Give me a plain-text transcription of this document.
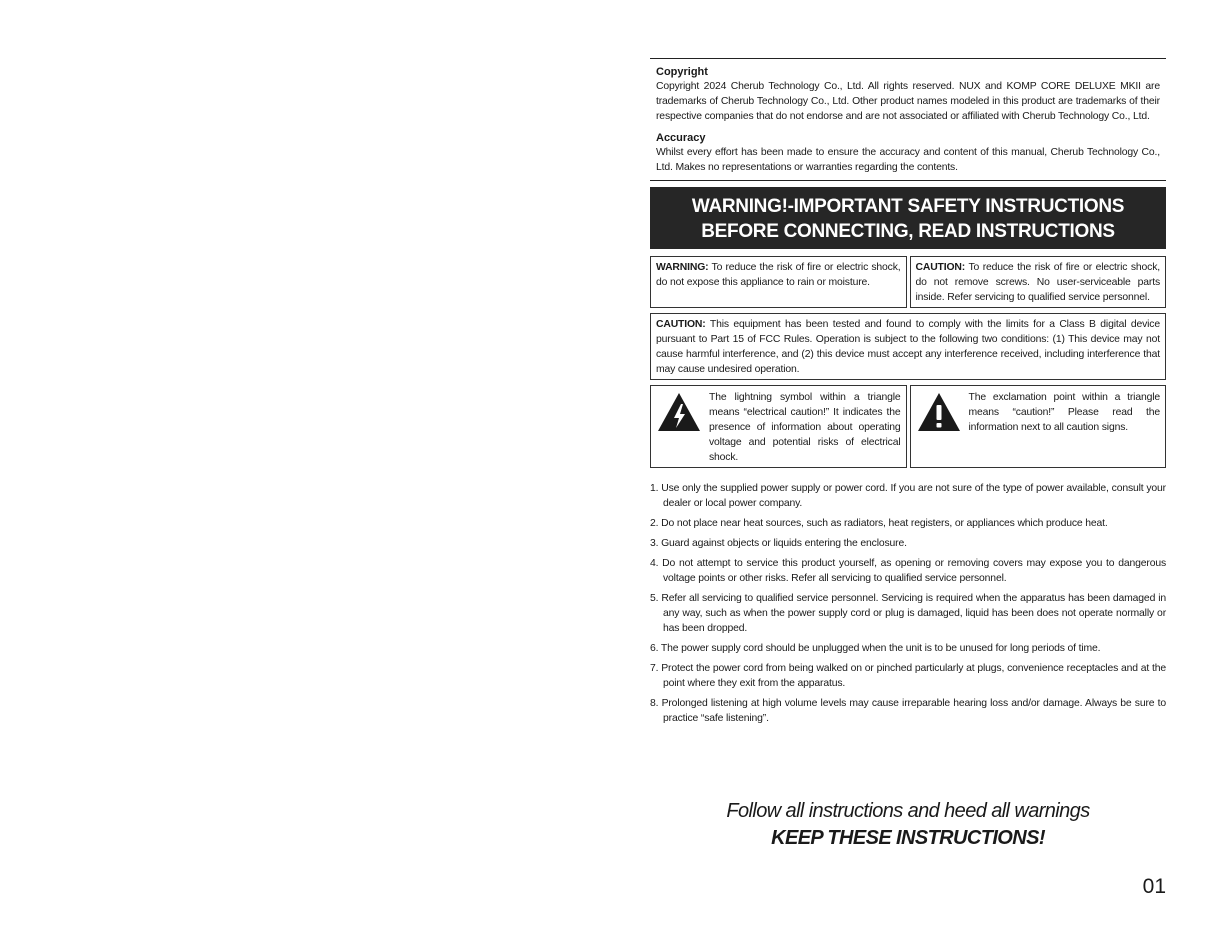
Copyright

Copyright 2024 Cherub Technology Co., Ltd. All rights reserved. NUX and KOMP CORE DELUXE MKII are trademarks of Cherub Technology Co., Ltd. Other product names modeled in this product are trademarks of their respective companies that do not endorse and are not associated or affiliated with Cherub Technology Co., Ltd.

Accuracy

Whilst every effort has been made to ensure the accuracy and content of this manual, Cherub Technology Co., Ltd. Makes no representations or warranties regarding the contents.

WARNING!-IMPORTANT SAFETY INSTRUCTIONS
BEFORE CONNECTING, READ INSTRUCTIONS
WARNING: To reduce the risk of fire or electric shock, do not expose this appliance to rain or moisture.
CAUTION: To reduce the risk of fire or electric shock, do not remove screws. No user-serviceable parts inside. Refer servicing to qualified service personnel.
CAUTION: This equipment has been tested and found to comply with the limits for a Class B digital device pursuant to Part 15 of FCC Rules. Operation is subject to the following two conditions: (1) This device may not cause harmful interference, and (2) this device must accept any interference received, including interference that may cause undesired operation.
The lightning symbol within a triangle means “electrical caution!” It indicates the presence of information about operating voltage and potential risks of electrical shock.
The exclamation point within a triangle means “caution!” Please read the information next to all caution signs.
1. Use only the supplied power supply or power cord. If you are not sure of the type of power available, consult your dealer or local power company.
2. Do not place near heat sources, such as radiators, heat registers, or appliances which produce heat.
3. Guard against objects or liquids entering the enclosure.
4. Do not attempt to service this product yourself, as opening or removing covers may expose you to dangerous voltage points or other risks. Refer all servicing to qualified service personnel.
5. Refer all servicing to qualified service personnel. Servicing is required when the apparatus has been damaged in any way, such as when the power supply cord or plug is damaged, liquid has been does not operate normally or has been dropped.
6. The power supply cord should be unplugged when the unit is to be unused for long periods of time.
7. Protect the power cord from being walked on or pinched particularly at plugs, convenience receptacles and at the point where they exit from the apparatus.
8. Prolonged listening at high volume levels may cause irreparable hearing loss and/or damage. Always be sure to practice “safe listening”.
Follow all instructions and heed all warnings
KEEP THESE INSTRUCTIONS!
01
